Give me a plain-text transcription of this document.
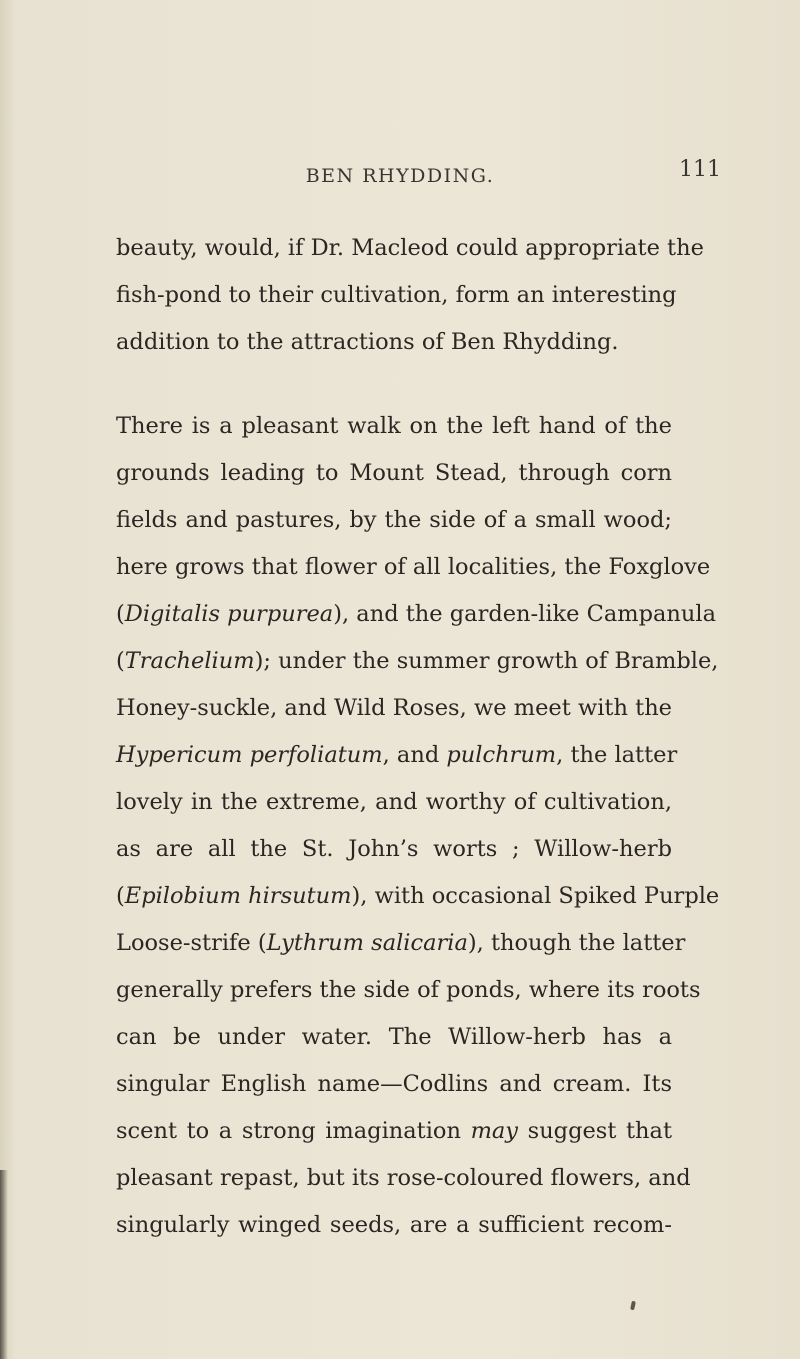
BEN RHYDDING.	111

beauty, would, if Dr. Macleod could appropriate the
fish-pond to their cultivation, form an interesting
addition to the attractions of Ben Rhydding.

There is a pleasant walk on the left hand of the
grounds leading to Mount Stead, through corn
fields and pastures, by the side of a small wood;
here grows that flower of all localities, the Foxglove
(Digitalis purpurea), and the garden-like Campanula
(Trachelium); under the summer growth of Bramble,
Honey-suckle, and Wild Roses, we meet with the
Hypericum perfoliatum, and pulchrum, the latter
lovely in the extreme, and worthy of cultivation,
as are all the St. John’s worts ; Willow-herb
(Epilobium hirsutum), with occasional Spiked Purple
Loose-strife (Lythrum salicaria), though the latter
generally prefers the side of ponds, where its roots
can be under water. The Willow-herb has a
singular English name—Codlins and cream. Its
scent to a strong imagination may suggest that
pleasant repast, but its rose-coloured flowers, and
singularly winged seeds, are a sufficient recom-
